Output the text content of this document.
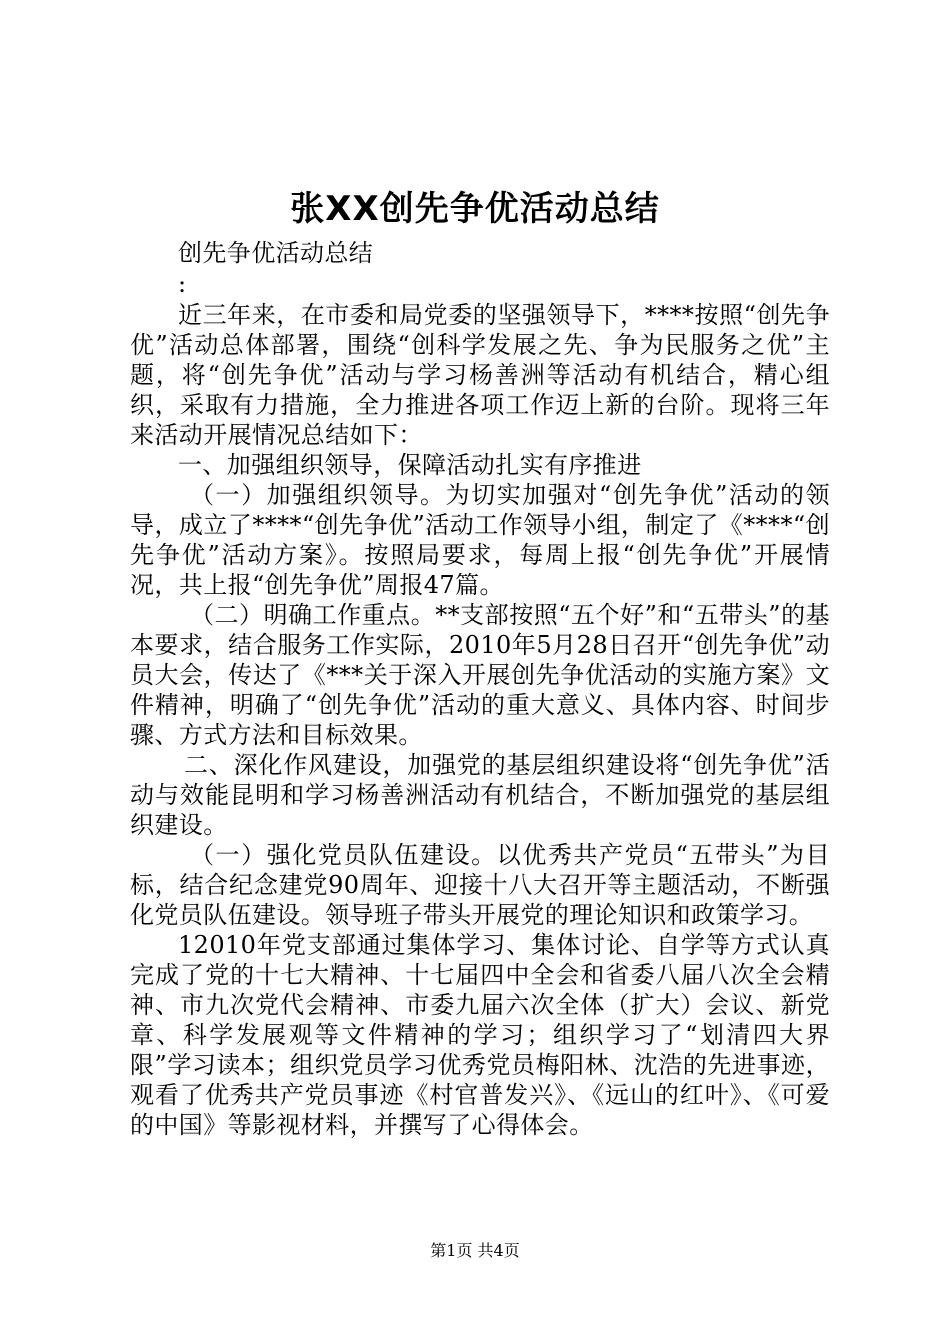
张XX创先争优活动总结

创先争优活动总结

:

近三年来，在市委和局党委的坚强领导下，****按照“创先争优”活动总体部署，围绕“创科学发展之先、争为民服务之优”主题，将“创先争优”活动与学习杨善洲等活动有机结合，精心组织，采取有力措施，全力推进各项工作迈上新的台阶。现将三年来活动开展情况总结如下：

一、加强组织领导，保障活动扎实有序推进

（一）加强组织领导。为切实加强对“创先争优”活动的领导，成立了****“创先争优”活动工作领导小组，制定了《****“创先争优”活动方案》。按照局要求，每周上报“创先争优”开展情况，共上报“创先争优”周报47篇。

（二）明确工作重点。**支部按照“五个好”和“五带头”的基本要求，结合服务工作实际，2010年5月28日召开“创先争优”动员大会，传达了《***关于深入开展创先争优活动的实施方案》文件精神，明确了“创先争优”活动的重大意义、具体内容、时间步骤、方式方法和目标效果。

二、深化作风建设，加强党的基层组织建设将“创先争优”活动与效能昆明和学习杨善洲活动有机结合，不断加强党的基层组织建设。

（一）强化党员队伍建设。以优秀共产党员“五带头”为目标，结合纪念建党90周年、迎接十八大召开等主题活动，不断强化党员队伍建设。领导班子带头开展党的理论知识和政策学习。

12010年党支部通过集体学习、集体讨论、自学等方式认真完成了党的十七大精神、十七届四中全会和省委八届八次全会精神、市九次党代会精神、市委九届六次全体（扩大）会议、新党章、科学发展观等文件精神的学习；组织学习了“划清四大界限”学习读本；组织党员学习优秀党员梅阳林、沈浩的先进事迹，观看了优秀共产党员事迹《村官普发兴》、《远山的红叶》、《可爱的中国》等影视材料，并撰写了心得体会。

第1页 共4页
